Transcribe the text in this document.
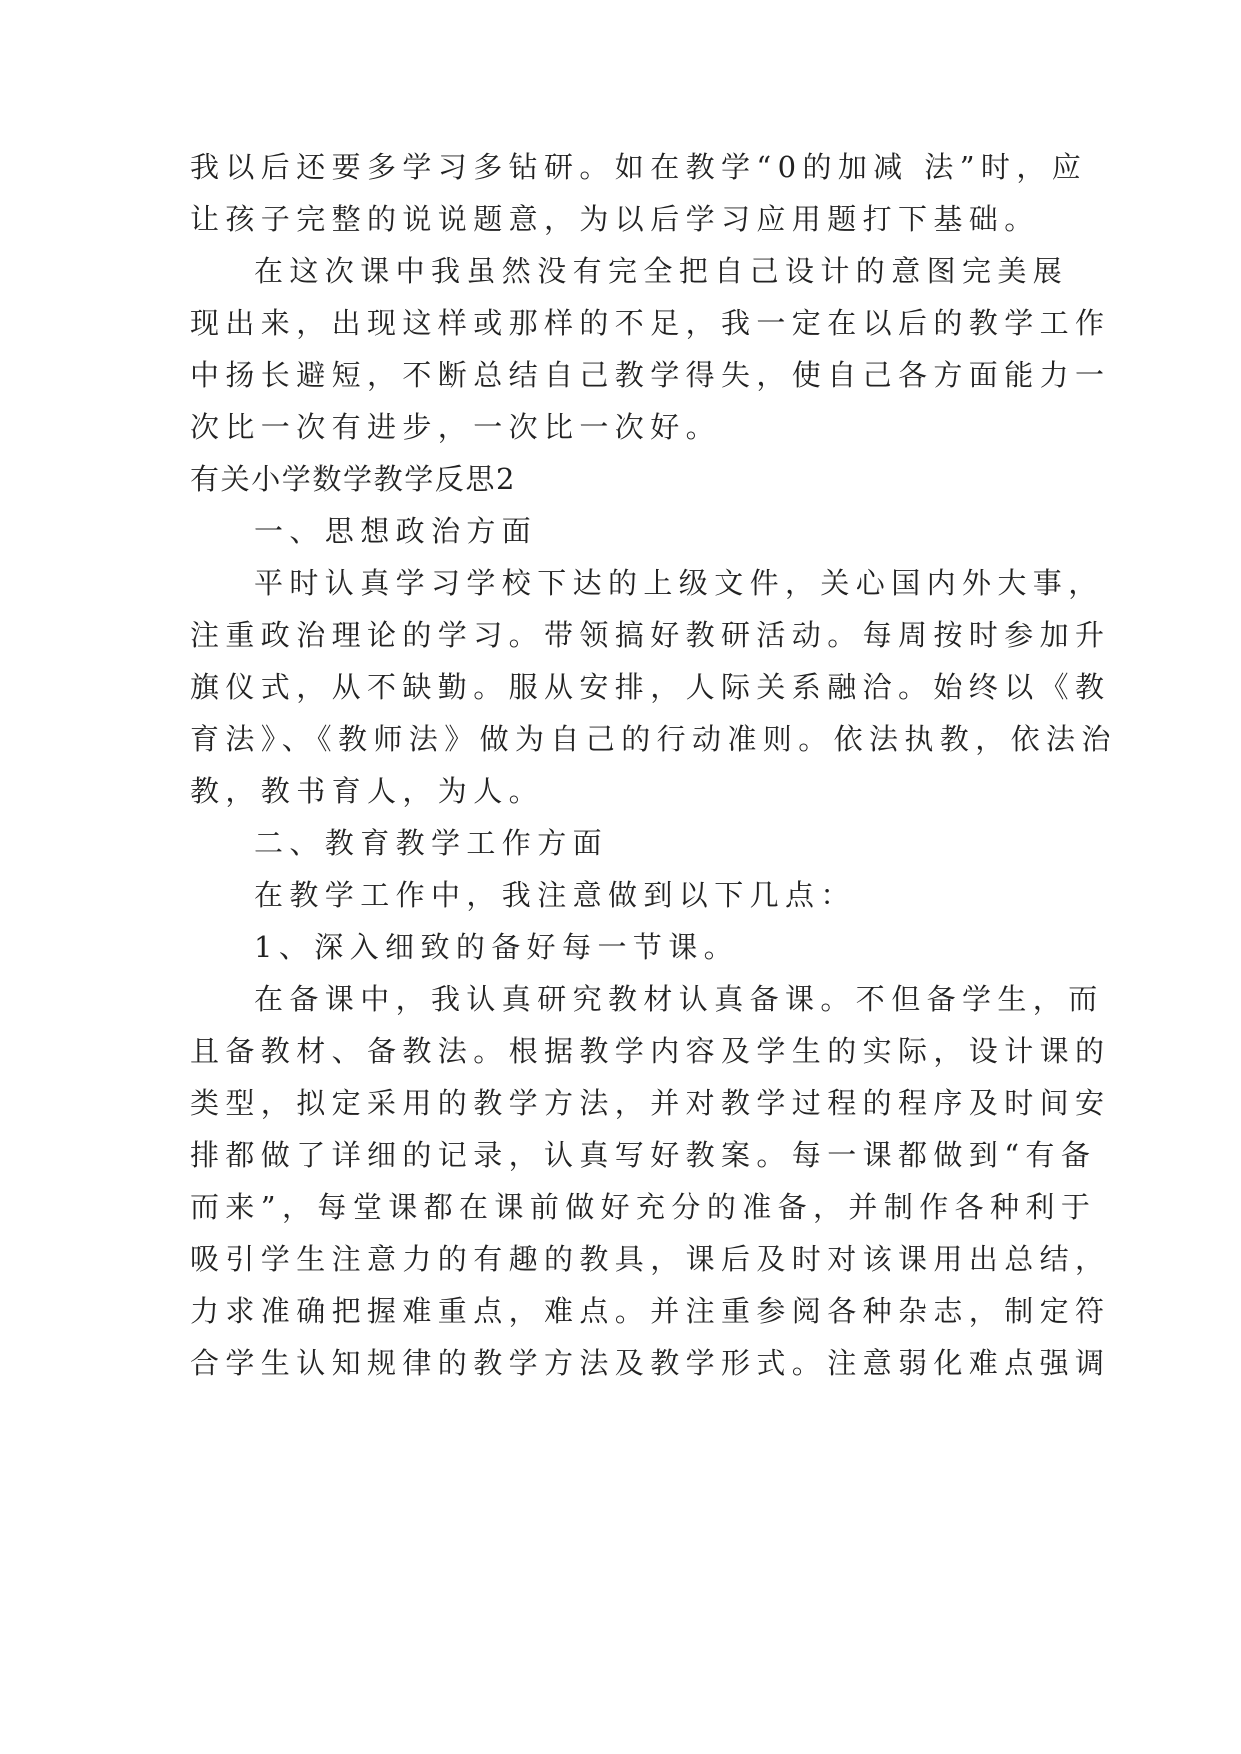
我以后还要多学习多钻研。如在教学“0的加减 法”时，应
让孩子完整的说说题意，为以后学习应用题打下基础。
在这次课中我虽然没有完全把自己设计的意图完美展
现出来，出现这样或那样的不足，我一定在以后的教学工作
中扬长避短，不断总结自己教学得失，使自己各方面能力一
次比一次有进步，一次比一次好。
有关小学数学教学反思2
一、思想政治方面
平时认真学习学校下达的上级文件，关心国内外大事，
注重政治理论的学习。带领搞好教研活动。每周按时参加升
旗仪式，从不缺勤。服从安排，人际关系融洽。始终以《教
育法》、《教师法》做为自己的行动准则。依法执教，依法治
教，教书育人，为人。
二、教育教学工作方面
在教学工作中，我注意做到以下几点：
1、深入细致的备好每一节课。
在备课中，我认真研究教材认真备课。不但备学生，而
且备教材、备教法。根据教学内容及学生的实际，设计课的
类型，拟定采用的教学方法，并对教学过程的程序及时间安
排都做了详细的记录，认真写好教案。每一课都做到“有备
而来”，每堂课都在课前做好充分的准备，并制作各种利于
吸引学生注意力的有趣的教具，课后及时对该课用出总结，
力求准确把握难重点，难点。并注重参阅各种杂志，制定符
合学生认知规律的教学方法及教学形式。注意弱化难点强调
